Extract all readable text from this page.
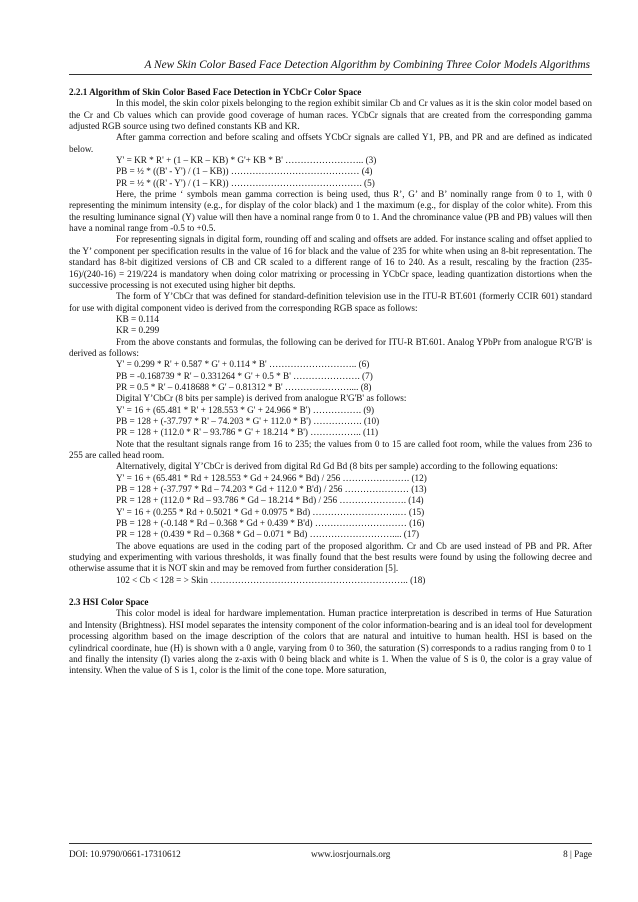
A New Skin Color Based Face Detection Algorithm by Combining Three Color Models Algorithms

2.2.1 Algorithm of Skin Color Based Face Detection in YCbCr Color Space

In this model, the skin color pixels belonging to the region exhibit similar Cb and Cr values as it is the skin color model based on the Cr and Cb values which can provide good coverage of human races. YCbCr signals that are created from the corresponding gamma adjusted RGB source using two defined constants KB and KR.

After gamma correction and before scaling and offsets YCbCr signals are called Y1, PB, and PR and are defined as indicated below.

Y' = KR * R' + (1 – KR – KB) * G'+ KB * B' …………………….. (3)

PB = ½ * ((B' - Y') / (1 – KB)) …………………………………… (4)

PR = ½ * ((R' - Y') / (1 – KR)) ……………………………………. (5)

Here, the prime ‘ symbols mean gamma correction is being used, thus R’, G’ and B’ nominally range from 0 to 1, with 0 representing the minimum intensity (e.g., for display of the color black) and 1 the maximum (e.g., for display of the color white). From this the resulting luminance signal (Y) value will then have a nominal range from 0 to 1. And the chrominance value (PB and PB) values will then have a nominal range from -0.5 to +0.5.

For representing signals in digital form, rounding off and scaling and offsets are added. For instance scaling and offset applied to the Y’ component per specification results in the value of 16 for black and the value of 235 for white when using an 8-bit representation. The standard has 8-bit digitized versions of CB and CR scaled to a different range of 16 to 240. As a result, rescaling by the fraction (235-16)/(240-16) = 219/224 is mandatory when doing color matrixing or processing in YCbCr space, leading quantization distortions when the successive processing is not executed using higher bit depths.

The form of Y’CbCr that was defined for standard-definition television use in the ITU-R BT.601 (formerly CCIR 601) standard for use with digital component video is derived from the corresponding RGB space as follows:

KB = 0.114

KR = 0.299

From the above constants and formulas, the following can be derived for ITU-R BT.601. Analog YPbPr from analogue R'G'B' is derived as follows:

Y' = 0.299 * R' + 0.587 * G' + 0.114 * B' ……………………….. (6)

PB = -0.168739 * R' – 0.331264 * G' + 0.5 * B' …………………. (7)

PR = 0.5 * R' – 0.418688 * G' – 0.81312 * B' ………………….... (8)

Digital Y’CbCr (8 bits per sample) is derived from analogue R'G'B' as follows:

Y' = 16 + (65.481 * R' + 128.553 * G' + 24.966 * B') ……………. (9)

PB = 128 + (-37.797 * R' – 74.203 * G' + 112.0 * B') ……………. (10)

PR = 128 + (112.0 * R' – 93.786 * G' + 18.214 * B') …………….. (11)

Note that the resultant signals range from 16 to 235; the values from 0 to 15 are called foot room, while the values from 236 to 255 are called head room.

Alternatively, digital Y’CbCr is derived from digital Rd Gd Bd (8 bits per sample) according to the following equations:

Y' = 16 + (65.481 * Rd + 128.553 * Gd + 24.966 * Bd) / 256 …………………. (12)

PB = 128 + (-37.797 * Rd – 74.203 * Gd + 112.0 * B'd) / 256 ………………… (13)

PR = 128 + (112.0 * Rd – 93.786 * Gd – 18.214 * Bd) / 256 …………………. (14)

Y' = 16 + (0.255 * Rd + 0.5021 * Gd + 0.0975 * Bd) ……………………….… (15)

PB = 128 + (-0.148 * Rd – 0.368 * Gd + 0.439 * B'd) ………………………… (16)

PR = 128 + (0.439 * Rd – 0.368 * Gd – 0.071 * Bd) ……………………….... (17)

The above equations are used in the coding part of the proposed algorithm. Cr and Cb are used instead of PB and PR. After studying and experimenting with various thresholds, it was finally found that the best results were found by using the following decree and otherwise assume that it is NOT skin and may be removed from further consideration [5].

102 < Cb < 128 = > Skin ……………………………………………………….. (18)

2.3 HSI Color Space

This color model is ideal for hardware implementation. Human practice interpretation is described in terms of Hue Saturation and Intensity (Brightness). HSI model separates the intensity component of the color information-bearing and is an ideal tool for development processing algorithm based on the image description of the colors that are natural and intuitive to human health. HSI is based on the cylindrical coordinate, hue (H) is shown with a 0 angle, varying from 0 to 360, the saturation (S) corresponds to a radius ranging from 0 to 1 and finally the intensity (I) varies along the z-axis with 0 being black and white is 1. When the value of S is 0, the color is a gray value of intensity. When the value of S is 1, color is the limit of the cone tope. More saturation,

DOI: 10.9790/0661-17310612	www.iosrjournals.org	8 | Page
